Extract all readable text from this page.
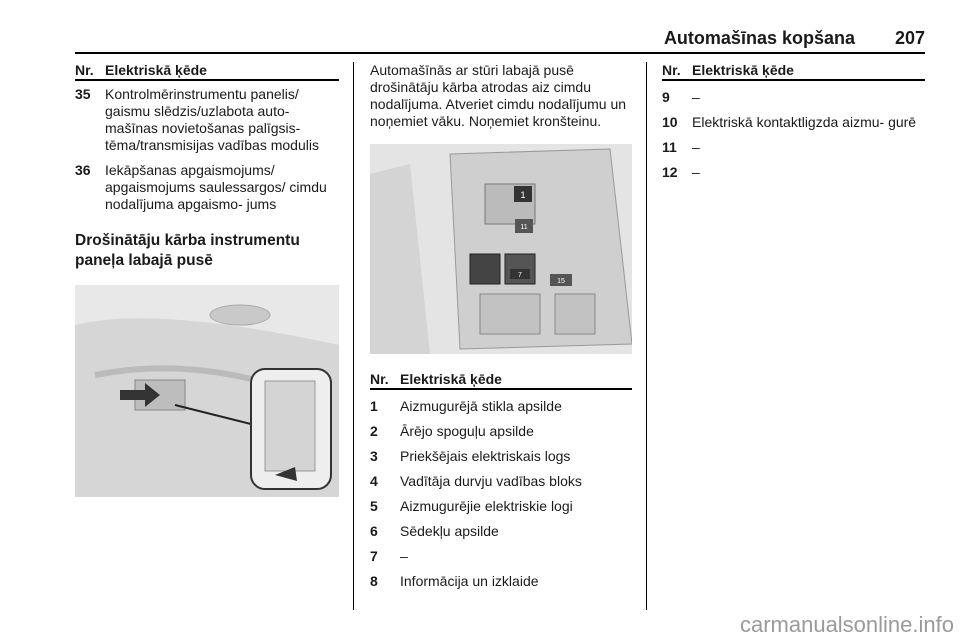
Automašīnas kopšana 207
Nr. Elektriskā ķēde
35	Kontrolmērinstrumentu panelis/ gaismu slēdzis/uzlabota auto- mašīnas novietošanas palīgsis- tēma/transmisijas vadības modulis
36	Iekāpšanas apgaismojums/ apgaismojums saulessargos/ cimdu nodalījuma apgaismo- jums
Drošinātāju kārba instrumentu paneļa labajā pusē
Automašīnās ar stūri labajā pusē drošinātāju kārba atrodas aiz cimdu nodalījuma. Atveriet cimdu nodalījumu un noņemiet vāku. Noņemiet kronšteinu.
1
11
7
15
Nr. Elektriskā ķēde
1	Aizmugurējā stikla apsilde
2	Ārējo spoguļu apsilde
3	Priekšējais elektriskais logs
4	Vadītāja durvju vadības bloks
5	Aizmugurējie elektriskie logi
6	Sēdekļu apsilde
7	–
8	Informācija un izklaide
Nr. Elektriskā ķēde
9	–
10	Elektriskā kontaktligzda aizmu- gurē
11	–
12	–
carmanualsonline.info
